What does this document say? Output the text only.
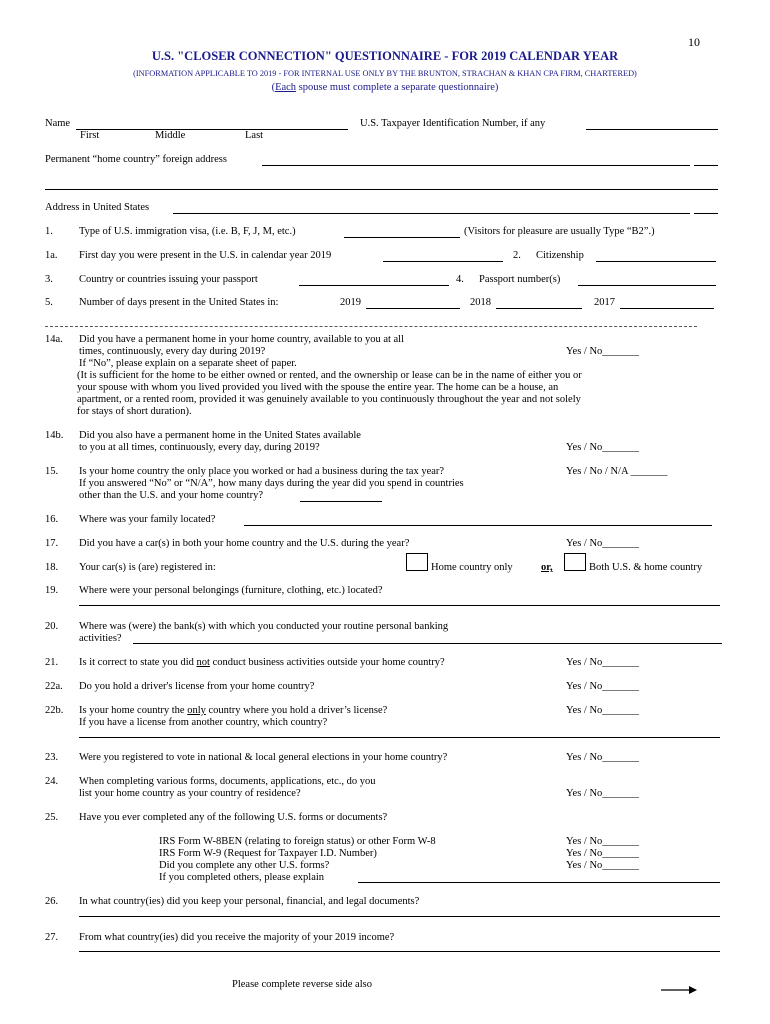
10
U.S. "CLOSER CONNECTION" QUESTIONNAIRE - FOR 2019 CALENDAR YEAR
(INFORMATION APPLICABLE TO 2019 - FOR INTERNAL USE ONLY BY THE BRUNTON, STRACHAN & KHAN CPA FIRM, CHARTERED)
(Each spouse must complete a separate questionnaire)
Name	U.S. Taxpayer Identification Number, if any
First	Middle	Last
Permanent “home country” foreign address
Address in United States
1. Type of U.S. immigration visa, (i.e. B, F, J, M, etc.)	(Visitors for pleasure are usually Type “B2”.)
1a. First day you were present in the U.S. in calendar year 2019	2. Citizenship
3. Country or countries issuing your passport	4. Passport number(s)
5. Number of days present in the United States in:	2019	2018	2017
14a. Did you have a permanent home in your home country, available to you at all
times, continuously, every day during 2019?	Yes / No_______
If “No”, please explain on a separate sheet of paper.
(It is sufficient for the home to be either owned or rented, and the ownership or lease can be in the name of either you or
your spouse with whom you lived provided you lived with the spouse the entire year. The home can be a house, an
apartment, or a rented room, provided it was genuinely available to you continuously throughout the year and not solely
for stays of short duration).
14b. Did you also have a permanent home in the United States available
to you at all times, continuously, every day, during 2019?	Yes / No_______
15. Is your home country the only place you worked or had a business during the tax year?	Yes / No / N/A _______
If you answered “No” or “N/A”, how many days during the year did you spend in countries
other than the U.S. and your home country?
16. Where was your family located?
17. Did you have a car(s) in both your home country and the U.S. during the year?	Yes / No_______
18. Your car(s) is (are) registered in:	Home country only	or,	Both U.S. & home country
19. Where were your personal belongings (furniture, clothing, etc.) located?
20. Where was (were) the bank(s) with which you conducted your routine personal banking
activities?
21. Is it correct to state you did not conduct business activities outside your home country?	Yes / No_______
22a. Do you hold a driver's license from your home country?	Yes / No_______
22b. Is your home country the only country where you hold a driver’s license?	Yes / No_______
If you have a license from another country, which country?
23. Were you registered to vote in national & local general elections in your home country?	Yes / No_______
24. When completing various forms, documents, applications, etc., do you
list your home country as your country of residence?	Yes / No_______
25. Have you ever completed any of the following U.S. forms or documents?
IRS Form W-8BEN (relating to foreign status) or other Form W-8	Yes / No_______
IRS Form W-9 (Request for Taxpayer I.D. Number)	Yes / No_______
Did you complete any other U.S. forms?	Yes / No_______
If you completed others, please explain
26. In what country(ies) did you keep your personal, financial, and legal documents?
27. From what country(ies) did you receive the majority of your 2019 income?
Please complete reverse side also
